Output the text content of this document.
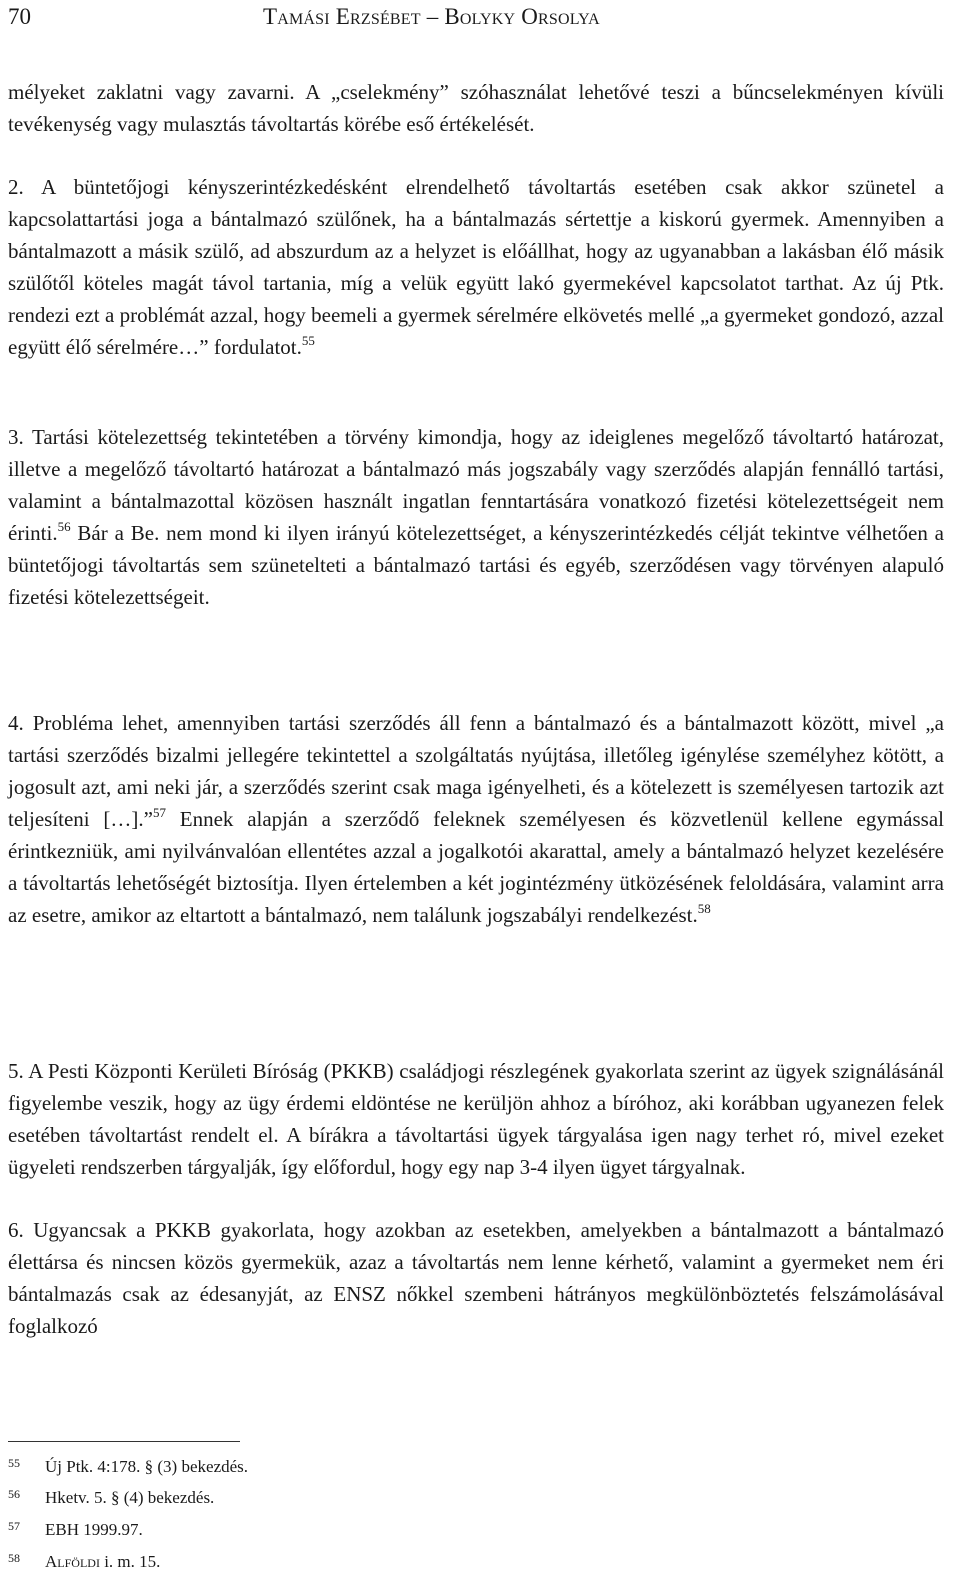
70	Tamási Erzsébet – Bolyky Orsolya

mélyeket zaklatni vagy zavarni. A „cselekmény” szóhasználat lehetővé teszi a bűncselekményen kívüli tevékenység vagy mulasztás távoltartás körébe eső értékelését.

2. A büntetőjogi kényszerintézkedésként elrendelhető távoltartás esetében csak akkor szünetel a kapcsolattartási joga a bántalmazó szülőnek, ha a bántalmazás sértettje a kiskorú gyermek. Amennyiben a bántalmazott a másik szülő, ad abszurdum az a helyzet is előállhat, hogy az ugyanabban a lakásban élő másik szülőtől köteles magát távol tartania, míg a velük együtt lakó gyermekével kapcsolatot tarthat. Az új Ptk. rendezi ezt a problémát azzal, hogy beemeli a gyermek sérelmére elkövetés mellé „a gyermeket gondozó, azzal együtt élő sérelmére…” fordulatot.$^{55}$

3. Tartási kötelezettség tekintetében a törvény kimondja, hogy az ideiglenes megelőző távoltartó határozat, illetve a megelőző távoltartó határozat a bántalmazó más jogszabály vagy szerződés alapján fennálló tartási, valamint a bántalmazottal közösen használt ingatlan fenntartására vonatkozó fizetési kötelezettségeit nem érinti.$^{56}$ Bár a Be. nem mond ki ilyen irányú kötelezettséget, a kényszerintézkedés célját tekintve vélhetően a büntetőjogi távoltartás sem szünetelteti a bántalmazó tartási és egyéb, szerződésen vagy törvényen alapuló fizetési kötelezettségeit.

4. Probléma lehet, amennyiben tartási szerződés áll fenn a bántalmazó és a bántalmazott között, mivel „a tartási szerződés bizalmi jellegére tekintettel a szolgáltatás nyújtása, illetőleg igénylése személyhez kötött, a jogosult azt, ami neki jár, a szerződés szerint csak maga igényelheti, és a kötelezett is személyesen tartozik azt teljesíteni […].”$^{57}$ Ennek alapján a szerződő feleknek személyesen és közvetlenül kellene egymással érintkezniük, ami nyilvánvalóan ellentétes azzal a jogalkotói akarattal, amely a bántalmazó helyzet kezelésére a távoltartás lehetőségét biztosítja. Ilyen értelemben a két jogintézmény ütközésének feloldására, valamint arra az esetre, amikor az eltartott a bántalmazó, nem találunk jogszabályi rendelkezést.$^{58}$

5. A Pesti Központi Kerületi Bíróság (PKKB) családjogi részlegének gyakorlata szerint az ügyek szignálásánál figyelembe veszik, hogy az ügy érdemi eldöntése ne kerüljön ahhoz a bíróhoz, aki korábban ugyanezen felek esetében távoltartást rendelt el. A bírákra a távoltartási ügyek tárgyalása igen nagy terhet ró, mivel ezeket ügyeleti rendszerben tárgyalják, így előfordul, hogy egy nap 3-4 ilyen ügyet tárgyalnak.

6. Ugyancsak a PKKB gyakorlata, hogy azokban az esetekben, amelyekben a bántalmazott a bántalmazó élettársa és nincsen közös gyermekük, azaz a távoltartás nem lenne kérhető, valamint a gyermeket nem éri bántalmazás csak az édesanyját, az ENSZ nőkkel szembeni hátrányos megkülönböztetés felszámolásával foglalkozó

55 Új Ptk. 4:178. § (3) bekezdés.
56 Hketv. 5. § (4) bekezdés.
57 EBH 1999.97.
58 Alföldi i. m. 15.
